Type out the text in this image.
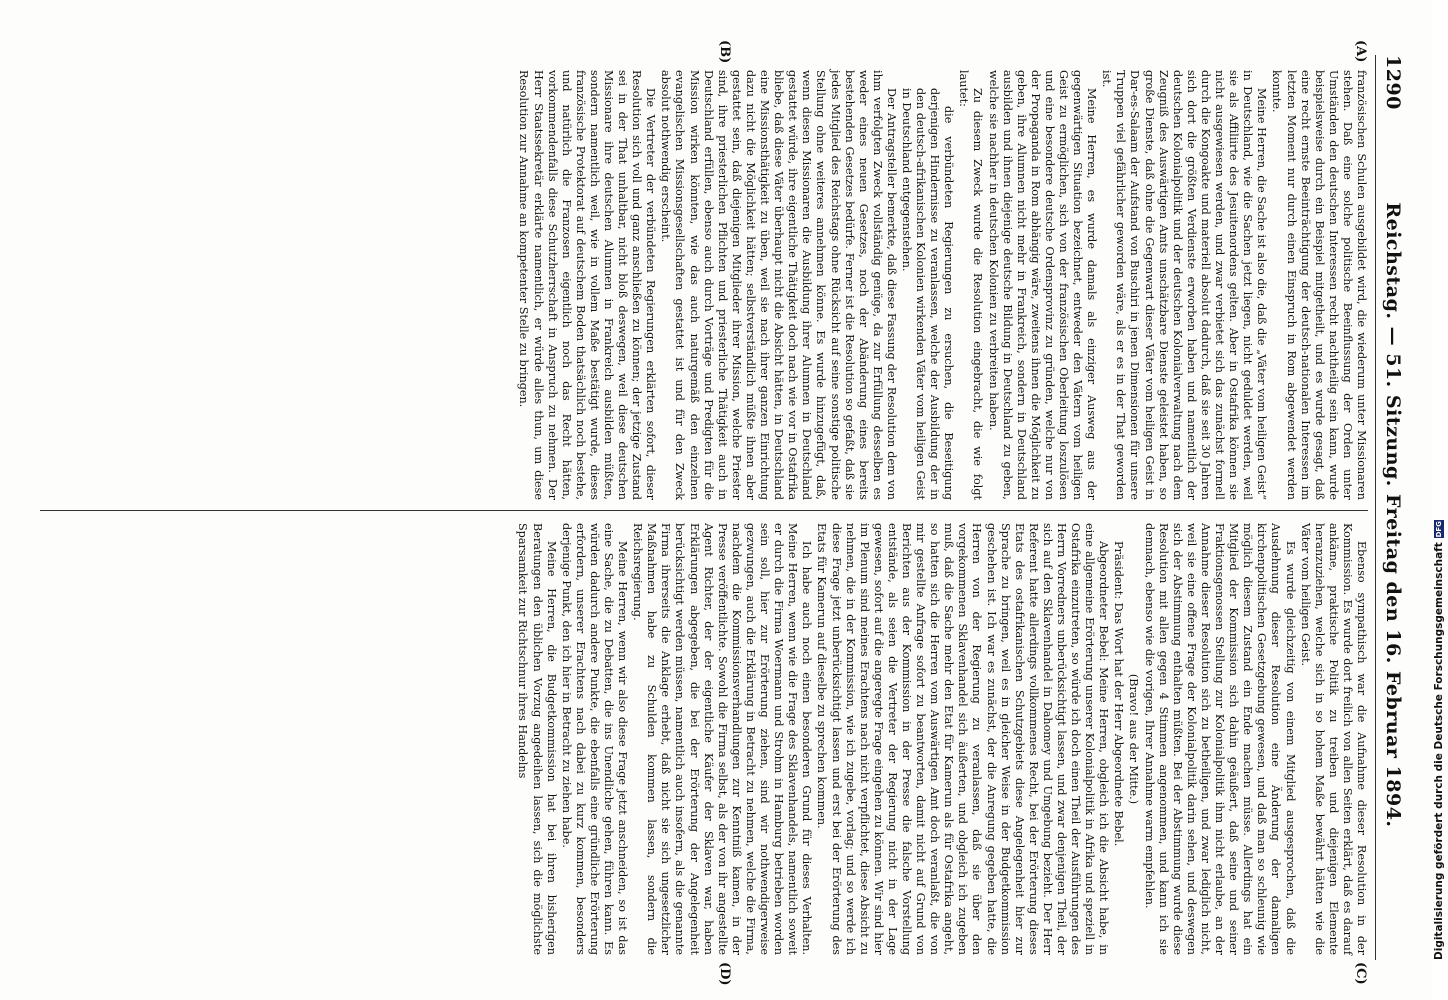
1290
Reichstag. — 51. Sitzung. Freitag den 16. Februar 1894.
(A)
(B)
(C)
(D)

französischen Schulen ausgebildet wird, die wiederum unter Missionaren stehen. Daß eine solche politische Beeinflussung der Orden unter Umständen den deutschen Interessen recht nachtheilig sein kann, wurde beispielsweise durch ein Beispiel mitgetheilt, und es wurde gesagt, daß eine recht ernste Beeinträchtigung der deutsch-nationalen Interessen im letzten Moment nur durch einen Einspruch in Rom abgewendet werden konnte.

Meine Herren, die Sache ist also die, daß die „Väter vom heiligen Geist“ in Deutschland, wie die Sachen jetzt liegen, nicht geduldet werden, weil sie als Affiliirte des Jesuitenordens gelten. Aber in Ostafrika können sie nicht ausgewiesen werden, und zwar verbietet sich das zunächst formell durch die Kongoakte und materiell absolut dadurch, daß sie seit 30 Jahren sich dort die größten Verdienste erworben haben und namentlich der deutschen Kolonialpolitik und der deutschen Kolonialverwaltung nach dem Zeugniß des Auswärtigen Amts unschätzbare Dienste geleistet haben, so große Dienste, daß ohne die Gegenwart dieser Väter vom heiligen Geist in Dar-es-Salaam der Aufstand von Buschiri in jenen Dimensionen für unsere Truppen viel gefährlicher geworden wäre, als er es in der That geworden ist.

Meine Herren, es wurde damals als einziger Ausweg aus der gegenwärtigen Situation bezeichnet, entweder den Vätern vom heiligen Geist zu ermöglichen, sich von der französischen Oberleitung loszulösen und eine besondere deutsche Ordensprovinz zu gründen, welche nur von der Propaganda in Rom abhängig wäre, zweitens ihnen die Möglichkeit zu geben, ihre Alumnen nicht mehr in Frankreich, sondern in Deutschland ausbilden und ihnen diejenige deutsche Bildung in Deutschland zu geben, welche sie nachher in deutschen Kolonien zu verbreiten haben.

Zu diesem Zweck wurde die Resolution eingebracht, die wie folgt lautet:

die verbündeten Regierungen zu ersuchen, die Beseitigung derjenigen Hindernisse zu veranlassen, welche der Ausbildung der in den deutsch-afrikanischen Kolonien wirkenden Väter vom heiligen Geist in Deutschland entgegenstehen.

Der Antragsteller bemerkte, daß diese Fassung der Resolution dem von ihm verfolgten Zweck vollständig genüge, da zur Erfüllung desselben es weder eines neuen Gesetzes, noch der Abänderung eines bereits bestehenden Gesetzes bedürfe. Ferner ist die Resolution so gefaßt, daß sie jedes Mitglied des Reichstags ohne Rücksicht auf seine sonstige politische Stellung ohne weiteres annehmen könne. Es wurde hinzugefügt, daß, wenn diesen Missionaren die Ausbildung ihrer Alumnen in Deutschland gestattet würde, ihre eigentliche Thätigkeit doch nach wie vor in Ostafrika bliebe, daß diese Väter überhaupt nicht die Absicht hätten, in Deutschland eine Missionsthätigkeit zu üben, weil sie nach ihrer ganzen Einrichtung dazu nicht die Möglichkeit hätten; selbstverständlich müßte ihnen aber gestattet sein, daß diejenigen Mitglieder ihrer Mission, welche Priester sind, ihre priesterlichen Pflichten und priesterliche Thätigkeit auch in Deutschland erfüllen, ebenso auch durch Vorträge und Predigten für die Mission wirken könnten, wie das auch naturgemäß den einzelnen evangelischen Missionsgesellschaften gestattet ist und für den Zweck absolut nothwendig erscheint.

Die Vertreter der verbündeten Regierungen erklärten sofort, dieser Resolution sich voll und ganz anschließen zu können; der jetzige Zustand sei in der That unhaltbar, nicht bloß deswegen, weil diese deutschen Missionare ihre deutschen Alumnen in Frankreich ausbilden müßten, sondern namentlich weil, wie in vollem Maße bestätigt wurde, dieses französische Protektorat auf deutschem Boden thatsächlich noch bestehe, und natürlich die Franzosen eigentlich noch das Recht hätten, vorkommendenfalls diese Schutzherrschaft in Anspruch zu nehmen. Der Herr Staatssekretär erklärte namentlich, er würde alles thun, um diese Resolution zur Annahme an kompetenter Stelle zu bringen.

Ebenso sympathisch war die Aufnahme dieser Resolution in der Kommission. Es wurde dort freilich von allen Seiten erklärt, daß es darauf ankäme, praktische Politik zu treiben und diejenigen Elemente heranzuziehen, welche sich in so hohem Maße bewährt hätten wie die Väter vom heiligen Geist.

Es wurde gleichzeitig von einem Mitglied ausgesprochen, daß die Ausdehnung dieser Resolution eine Änderung der damaligen kirchenpolitischen Gesetzgebung gewesen, und daß man so schleunig wie möglich diesem Zustand ein Ende machen müsse. Allerdings hat ein Mitglied der Kommission sich dahin geäußert, daß seine und seiner Fraktionsgenossen Stellung zur Kolonialpolitik ihm nicht erlaube, an der Annahme dieser Resolution sich zu betheiligen, und zwar lediglich nicht, weil sie eine offene Frage der Kolonialpolitik darin sehen, und deswegen sich der Abstimmung enthalten müßten. Bei der Abstimmung wurde diese Resolution mit allen gegen 4 Stimmen angenommen, und kann ich sie demnach, ebenso wie die vorigen, Ihrer Annahme warm empfehlen.

(Bravo! aus der Mitte.)

Präsident: Das Wort hat der Herr Abgeordnete Bebel.

Abgeordneter Bebel: Meine Herren, obgleich ich die Absicht habe, in eine allgemeine Erörterung unserer Kolonialpolitik in Afrika und speziell in Ostafrika einzutreten, so würde ich doch einen Theil der Ausführungen des Herrn Vorredners unberücksichtigt lassen, und zwar denjenigen Theil, der sich auf den Sklavenhandel in Dahomey und Umgebung bezieht. Der Herr Referent hatte allerdings vollkommenes Recht, bei der Erörterung dieses Etats des ostafrikanischen Schutzgebiets diese Angelegenheit hier zur Sprache zu bringen, weil es in gleicher Weise in der Budgetkommission geschehen ist. Ich war es zunächst, der die Anregung gegeben hatte, die Herren von der Regierung zu veranlassen, daß sie über den vorgekommenen Sklavenhandel sich äußerten, und obgleich ich zugeben muß, daß die Sache mehr den Etat für Kamerun als für Ostafrika angeht, so hatten sich die Herren vom Auswärtigen Amt doch veranlaßt, die von mir gestellte Anfrage sofort zu beantworten, damit nicht auf Grund von Berichten aus der Kommission in der Presse die falsche Vorstellung entstände, als seien die Vertreter der Regierung nicht in der Lage gewesen, sofort auf die angeregte Frage eingehen zu können. Wir sind hier im Plenum sind meines Erachtens nach nicht verpflichtet, diese Absicht zu nehmen, die in der Kommission, wie ich zugebe, vorlag; und so werde ich diese Frage jetzt unberücksichtigt lassen und erst bei der Erörterung des Etats für Kamerun auf dieselbe zu sprechen kommen.

Ich habe auch noch einen besonderen Grund für dieses Verhalten. Meine Herren, wenn wie die Frage des Sklavenhandels, namentlich soweit er durch die Firma Woermann und Strohm in Hamburg betrieben worden sein soll, hier zur Erörterung ziehen, sind wir nothwendigerweise gezwungen, auch die Erklärung in Betracht zu nehmen, welche die Firma, nachdem die Kommissionsverhandlungen zur Kenntniß kamen, in der Presse veröffentlichte. Sowohl die Firma selbst, als der von ihr angestellte Agent Richter, der der eigentliche Käufer der Sklaven war, haben Erklärungen abgegeben, die bei der Erörterung der Angelegenheit berücksichtigt werden müssen, namentlich auch insofern, als die genannte Firma ihrerseits die Anklage erhebt, daß nicht sie sich ungesetzlicher Maßnahmen habe zu Schulden kommen lassen, sondern die Reichsregierung.

Meine Herren, wenn wir also diese Frage jetzt anschneiden, so ist das eine Sache, die zu Debatten, die ins Unendliche gehen, führen kann. Es würden dadurch andere Punkte, die ebenfalls eine gründliche Erörterung erfordern, unserer Erachtens nach dabei zu kurz kommen, besonders derjenige Punkt, den ich hier in Betracht zu ziehen habe.

Meine Herren, die Budgetkommission hat bei ihren bisherigen Beratungen den üblichen Vorzug angedeihen lassen, sich die möglichste Sparsamkeit zur Richtschnur ihres Handelns	Digitalisierung gefördert durch die Deutsche Forschungsgemeinschaft
DFG
